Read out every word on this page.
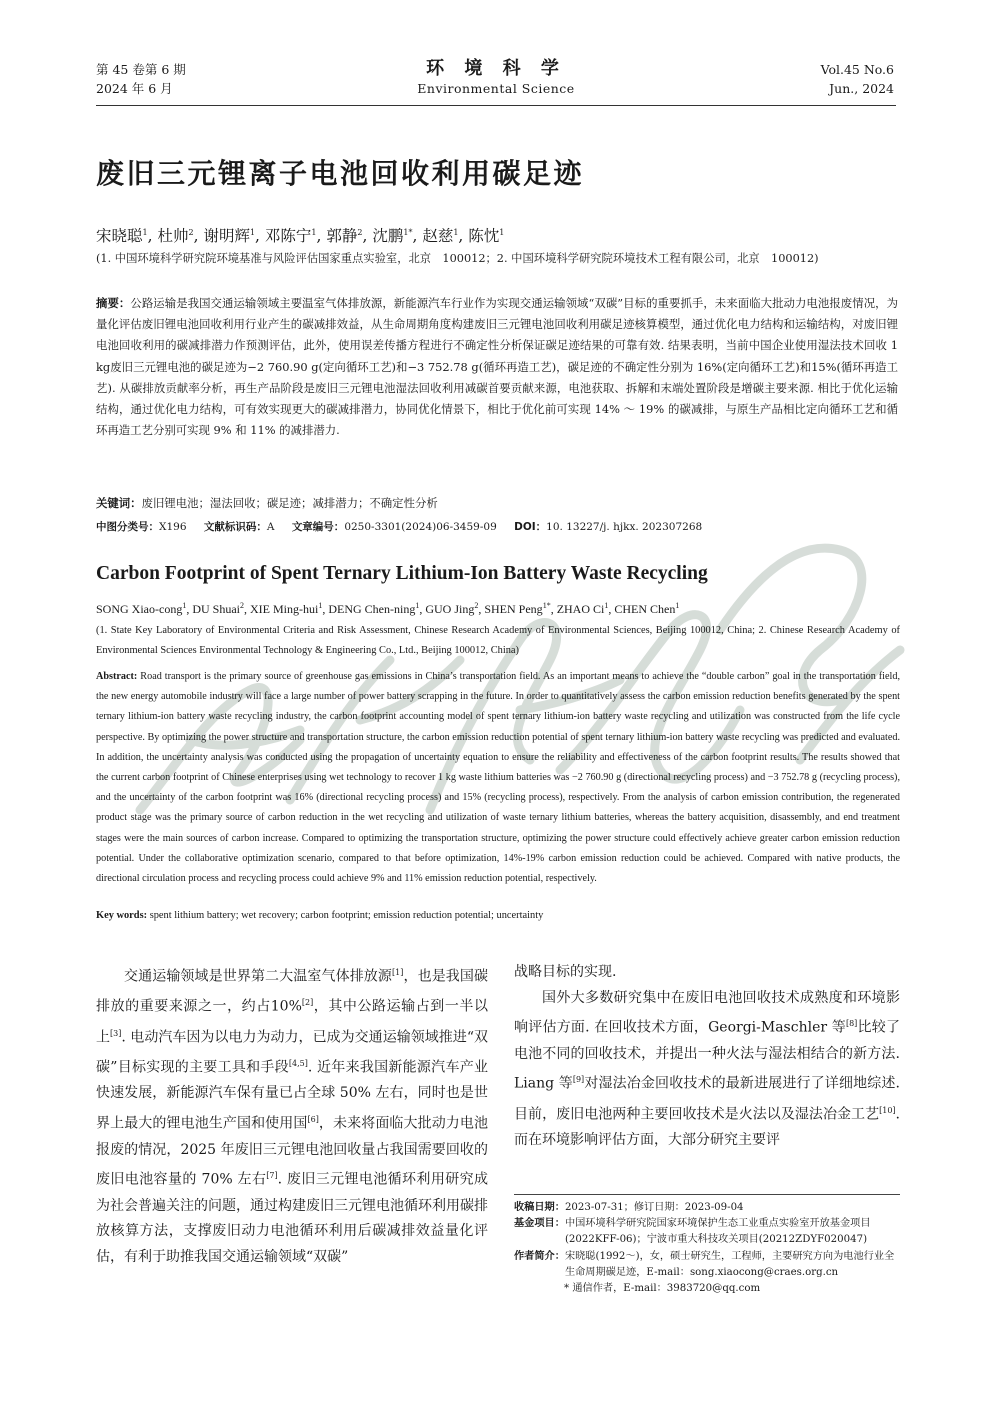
第 45 卷第 6 期
2024 年 6 月
环 境 科 学
Environmental Science
Vol.45 No.6
Jun., 2024
废旧三元锂离子电池回收利用碳足迹
宋晓聪$^1$, 杜帅$^2$, 谢明辉$^1$, 邓陈宁$^1$, 郭静$^2$, 沈鹏$^{1*}$, 赵慈$^1$, 陈忱$^1$
(1. 中国环境科学研究院环境基准与风险评估国家重点实验室，北京　100012；2. 中国环境科学研究院环境技术工程有限公司，北京　100012)
摘要：公路运输是我国交通运输领域主要温室气体排放源，新能源汽车行业作为实现交通运输领域“双碳”目标的重要抓手，未来面临大批动力电池报废情况，为量化评估废旧锂电池回收利用行业产生的碳减排效益，从生命周期角度构建废旧三元锂电池回收利用碳足迹核算模型，通过优化电力结构和运输结构，对废旧锂电池回收利用的碳减排潜力作预测评估，此外，使用误差传播方程进行不确定性分析保证碳足迹结果的可靠有效. 结果表明，当前中国企业使用湿法技术回收 1 kg废旧三元锂电池的碳足迹为−2 760.90 g(定向循环工艺)和−3 752.78 g(循环再造工艺)，碳足迹的不确定性分别为 16%(定向循环工艺)和15%(循环再造工艺). 从碳排放贡献率分析，再生产品阶段是废旧三元锂电池湿法回收利用减碳首要贡献来源，电池获取、拆解和末端处置阶段是增碳主要来源. 相比于优化运输结构，通过优化电力结构，可有效实现更大的碳减排潜力，协同优化情景下，相比于优化前可实现 14% ～ 19% 的碳减排，与原生产品相比定向循环工艺和循环再造工艺分别可实现 9% 和 11% 的减排潜力.
关键词：废旧锂电池；湿法回收；碳足迹；减排潜力；不确定性分析
中图分类号：X196 文献标识码：A 文章编号：0250-3301(2024)06-3459-09 DOI：10. 13227/j. hjkx. 202307268
Carbon Footprint of Spent Ternary Lithium-Ion Battery Waste Recycling
SONG Xiao-cong$^1$, DU Shuai$^2$, XIE Ming-hui$^1$, DENG Chen-ning$^1$, GUO Jing$^2$, SHEN Peng$^{1*}$, ZHAO Ci$^1$, CHEN Chen$^1$
(1. State Key Laboratory of Environmental Criteria and Risk Assessment, Chinese Research Academy of Environmental Sciences, Beijing 100012, China; 2. Chinese Research Academy of Environmental Sciences Environmental Technology & Engineering Co., Ltd., Beijing 100012, China)
Abstract: Road transport is the primary source of greenhouse gas emissions in China’s transportation field. As an important means to achieve the “double carbon” goal in the transportation field, the new energy automobile industry will face a large number of power battery scrapping in the future. In order to quantitatively assess the carbon emission reduction benefits generated by the spent ternary lithium-ion battery waste recycling industry, the carbon footprint accounting model of spent ternary lithium-ion battery waste recycling and utilization was constructed from the life cycle perspective. By optimizing the power structure and transportation structure, the carbon emission reduction potential of spent ternary lithium-ion battery waste recycling was predicted and evaluated. In addition, the uncertainty analysis was conducted using the propagation of uncertainty equation to ensure the reliability and effectiveness of the carbon footprint results. The results showed that the current carbon footprint of Chinese enterprises using wet technology to recover 1 kg waste lithium batteries was −2 760.90 g (directional recycling process) and −3 752.78 g (recycling process), and the uncertainty of the carbon footprint was 16% (directional recycling process) and 15% (recycling process), respectively. From the analysis of carbon emission contribution, the regenerated product stage was the primary source of carbon reduction in the wet recycling and utilization of waste ternary lithium batteries, whereas the battery acquisition, disassembly, and end treatment stages were the main sources of carbon increase. Compared to optimizing the transportation structure, optimizing the power structure could effectively achieve greater carbon emission reduction potential. Under the collaborative optimization scenario, compared to that before optimization, 14%-19% carbon emission reduction could be achieved. Compared with native products, the directional circulation process and recycling process could achieve 9% and 11% emission reduction potential, respectively.
Key words: spent lithium battery; wet recovery; carbon footprint; emission reduction potential; uncertainty

交通运输领域是世界第二大温室气体排放源[1]，也是我国碳排放的重要来源之一，约占10%[2]，其中公路运输占到一半以上[3]. 电动汽车因为以电力为动力，已成为交通运输领域推进“双碳”目标实现的主要工具和手段[4,5]. 近年来我国新能源汽车产业快速发展，新能源汽车保有量已占全球 50% 左右，同时也是世界上最大的锂电池生产国和使用国[6]，未来将面临大批动力电池报废的情况，2025 年废旧三元锂电池回收量占我国需要回收的废旧电池容量的 70% 左右[7]. 废旧三元锂电池循环利用研究成为社会普遍关注的问题，通过构建废旧三元锂电池循环利用碳排放核算方法，支撑废旧动力电池循环利用后碳减排效益量化评估，有利于助推我国交通运输领域“双碳”

战略目标的实现.

国外大多数研究集中在废旧电池回收技术成熟度和环境影响评估方面. 在回收技术方面，Georgi-Maschler 等[8]比较了电池不同的回收技术，并提出一种火法与湿法相结合的新方法. Liang 等[9]对湿法冶金回收技术的最新进展进行了详细地综述. 目前，废旧电池两种主要回收技术是火法以及湿法冶金工艺[10]. 而在环境影响评估方面，大部分研究主要评

收稿日期： 2023-07-31；修订日期：2023-09-04
基金项目： 中国环境科学研究院国家环境保护生态工业重点实验室开放基金项目(2022KFF-06)；宁波市重大科技攻关项目(20212ZDYF020047)
作者简介： 宋晓聪(1992～)，女，硕士研究生，工程师，主要研究方向为电池行业全生命周期碳足迹，E-mail：song.xiaocong@craes.org.cn
* 通信作者，E-mail：3983720@qq.com
